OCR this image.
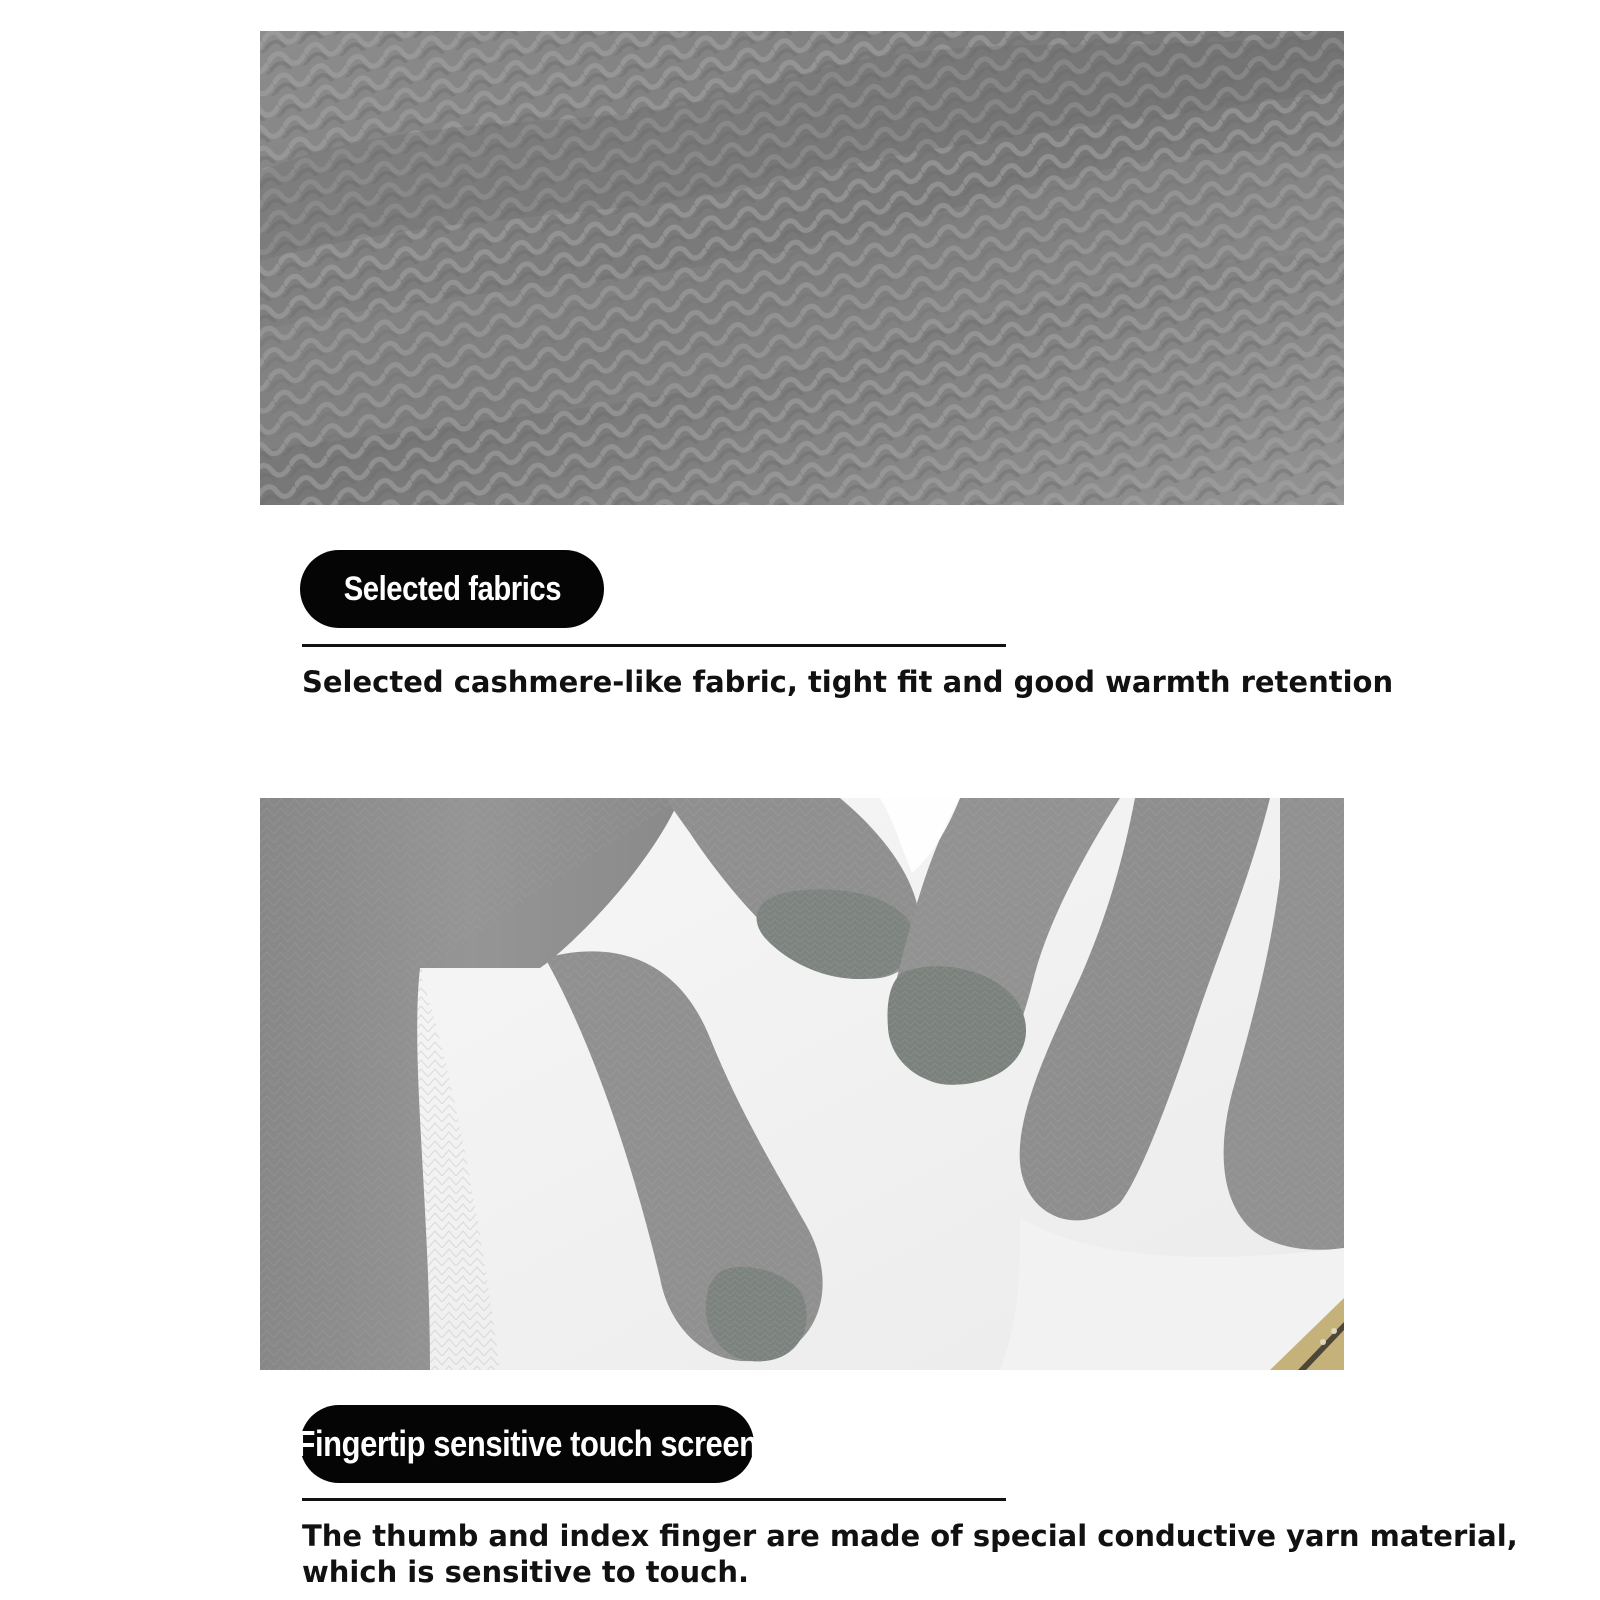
Selected fabrics
Selected cashmere-like fabric, tight fit and good warmth retention
Fingertip sensitive touch screen
The thumb and index finger are made of special conductive yarn material,
which is sensitive to touch.
